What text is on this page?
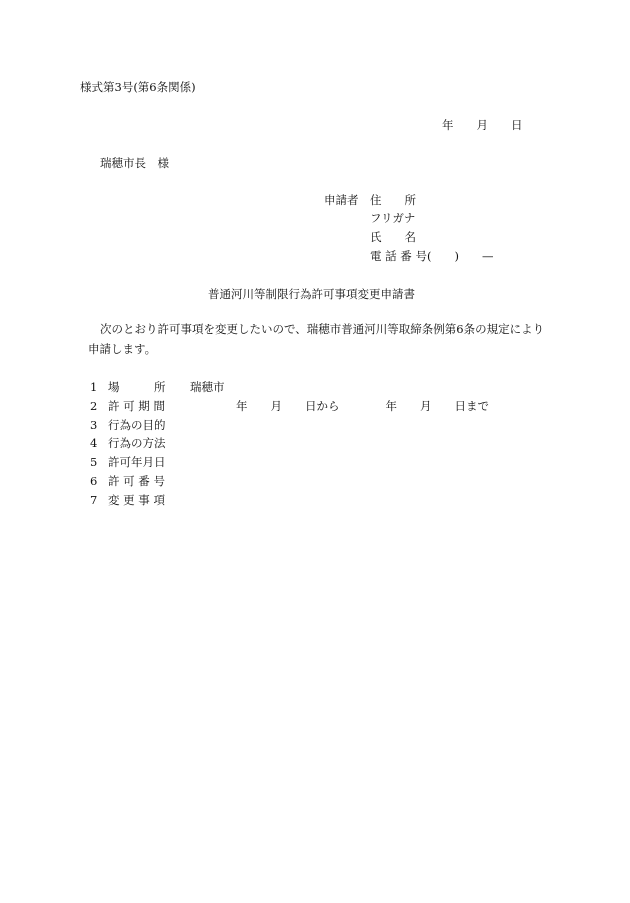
様式第3号(第6条関係)
年　　月　　日
瑞穂市長　様
申請者 住　　所
フリガナ
氏　　名
電 話 番 号(　　)　　—
普通河川等制限行為許可事項変更申請書
次のとおり許可事項を変更したいので、瑞穂市普通河川等取締条例第6条の規定により
申請します。
1 場　　　所 瑞穂市
2 許 可 期 間	年　　月　　日から　　　　年　　月　　日まで
3 行為の目的
4 行為の方法
5 許可年月日
6 許 可 番 号
7 変 更 事 項
